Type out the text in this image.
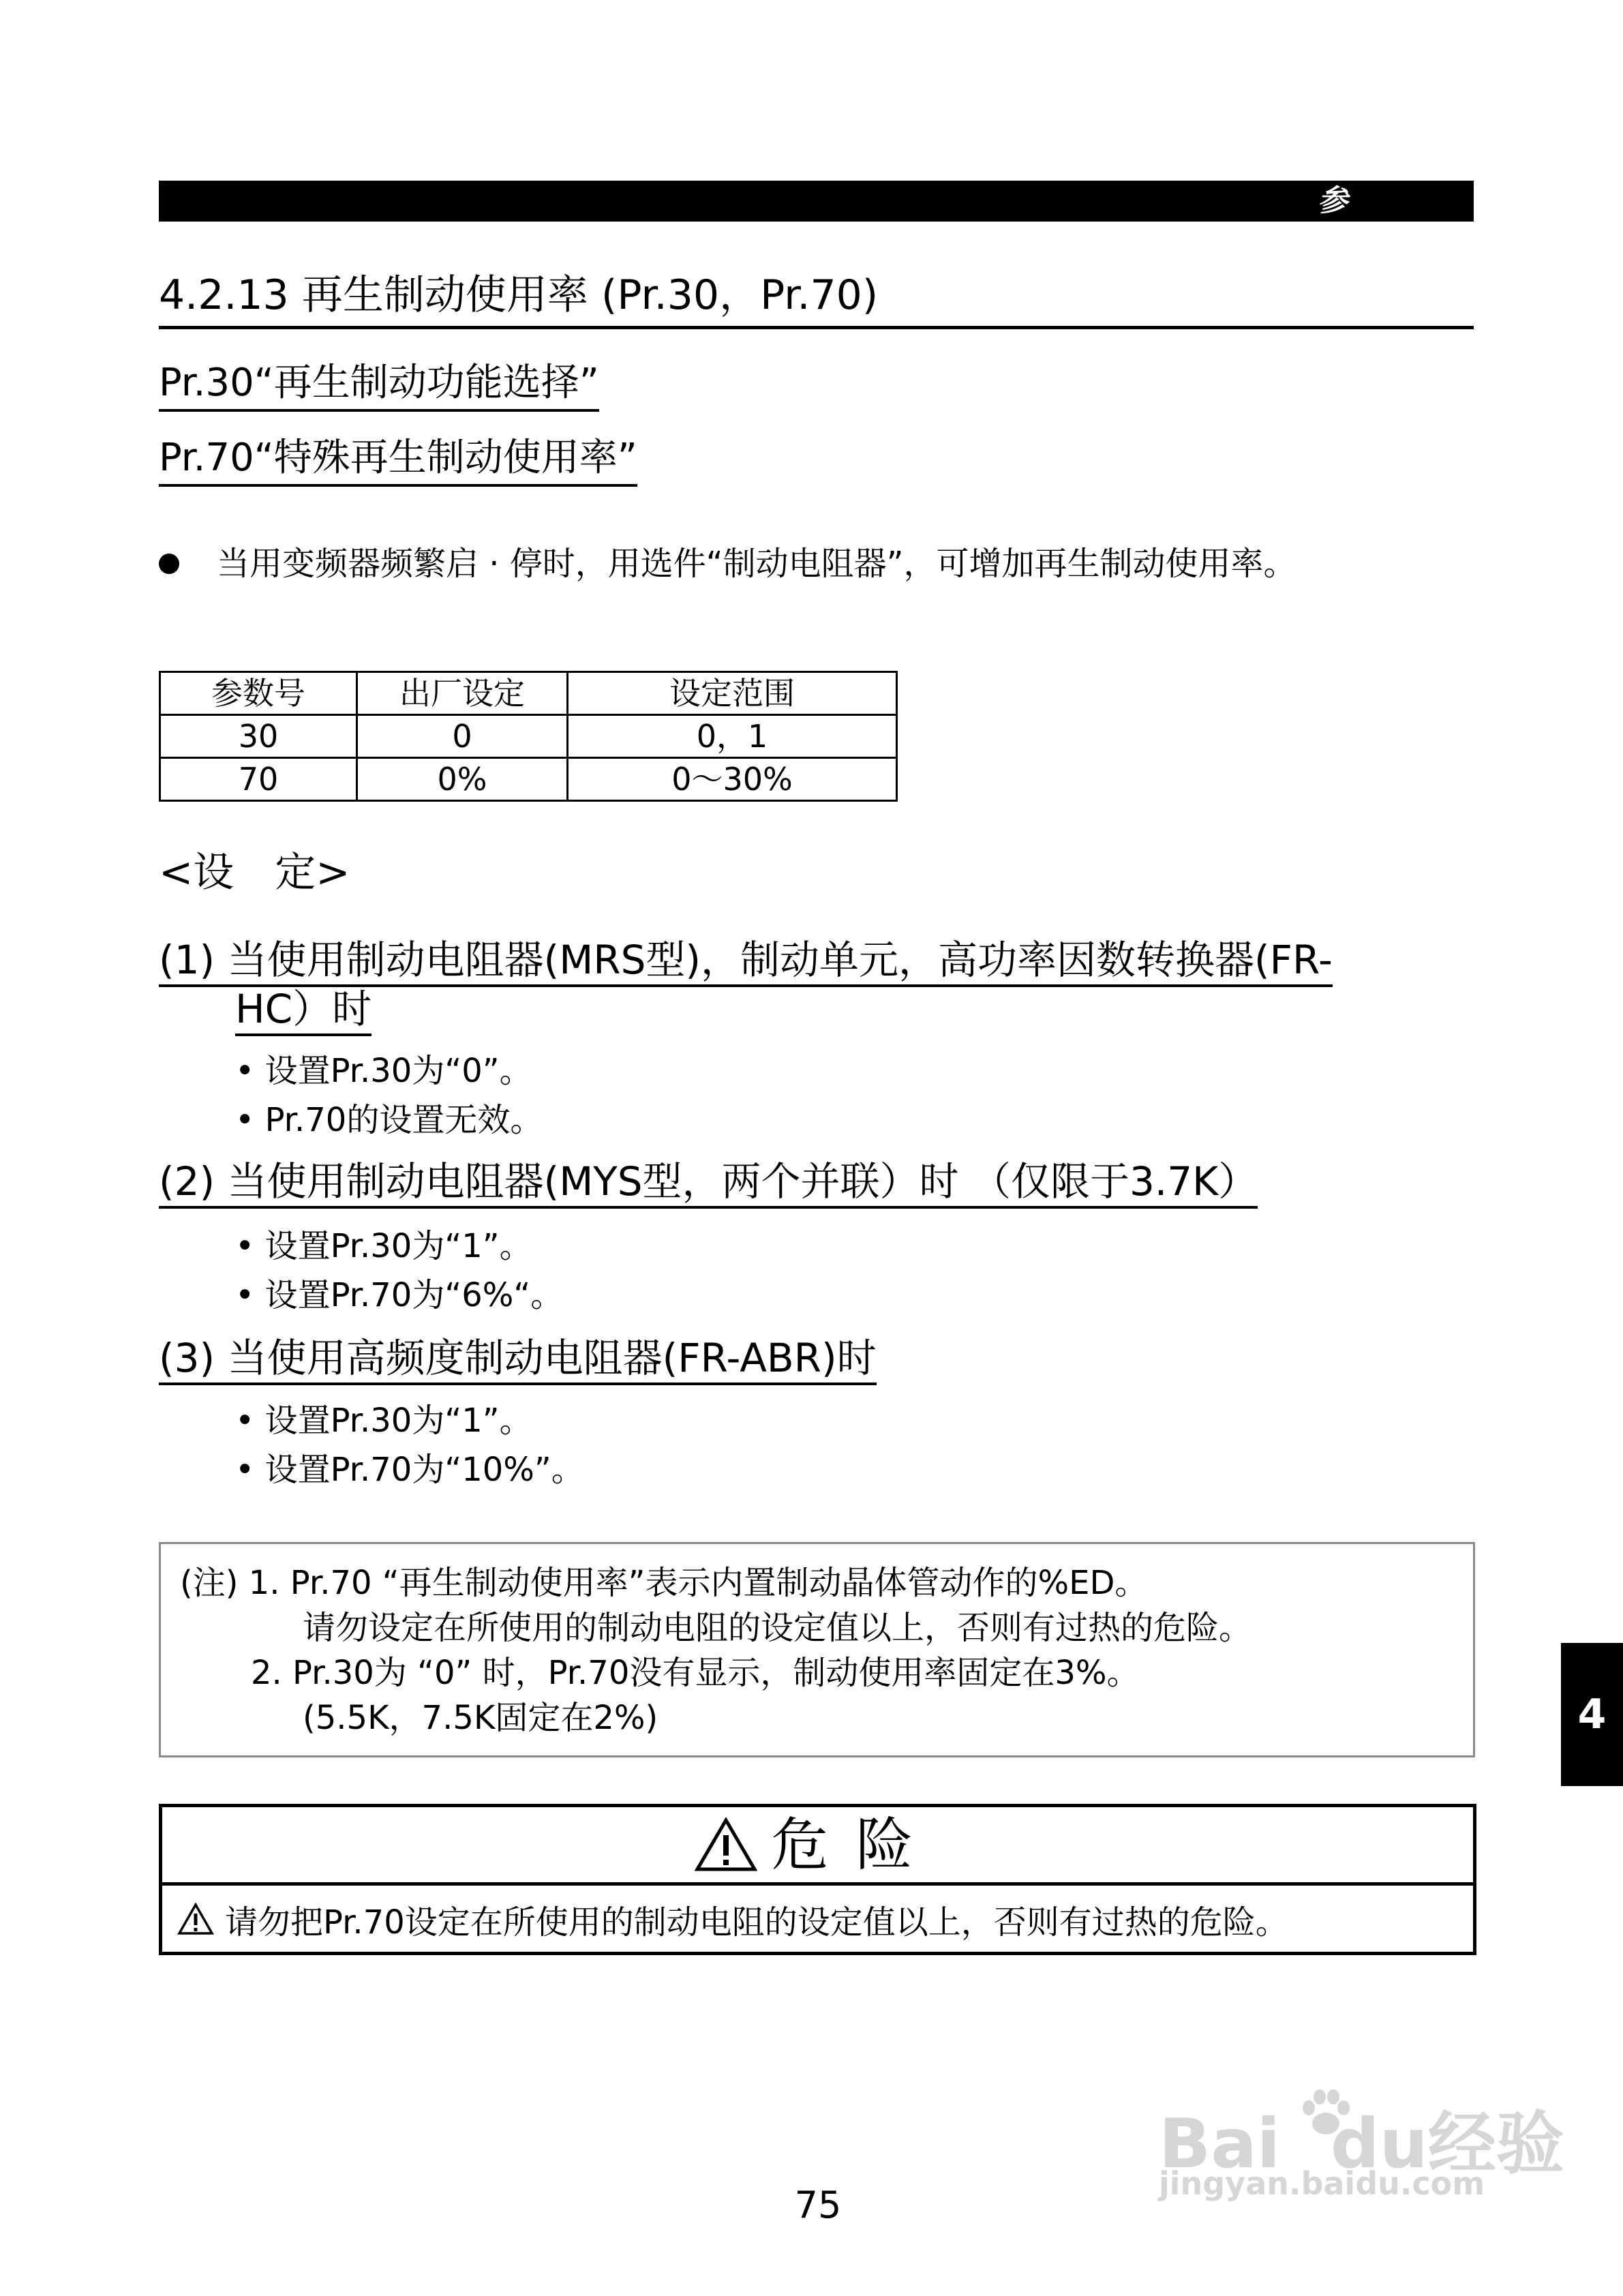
参	数
4.2.13 再生制动使用率 (Pr.30，Pr.70)
Pr.30“再生制动功能选择”
Pr.70“特殊再生制动使用率”
当用变频器频繁启 · 停时，用选件“制动电阻器”，可增加再生制动使用率。
参数号	出厂设定	设定范围
30	0	0，1
70	0%	0～30%
<设　定>
(1) 当使用制动电阻器(MRS型)，制动单元，高功率因数转换器(FR-
HC）时
• 设置Pr.30为“0”。
• Pr.70的设置无效。
(2) 当使用制动电阻器(MYS型，两个并联）时 （仅限于3.7K）
• 设置Pr.30为“1”。
• 设置Pr.70为“6%“。
(3) 当使用高频度制动电阻器(FR-ABR)时
• 设置Pr.30为“1”。
• 设置Pr.70为“10%”。
(注) 1. Pr.70 “再生制动使用率”表示内置制动晶体管动作的%ED。
请勿设定在所使用的制动电阻的设定值以上，否则有过热的危险。
2. Pr.30为 “0” 时，Pr.70没有显示，制动使用率固定在3%。
(5.5K，7.5K固定在2%)
危险
请勿把Pr.70设定在所使用的制动电阻的设定值以上，否则有过热的危险。
4
75
Bai du经验
jingyan.baidu.com
